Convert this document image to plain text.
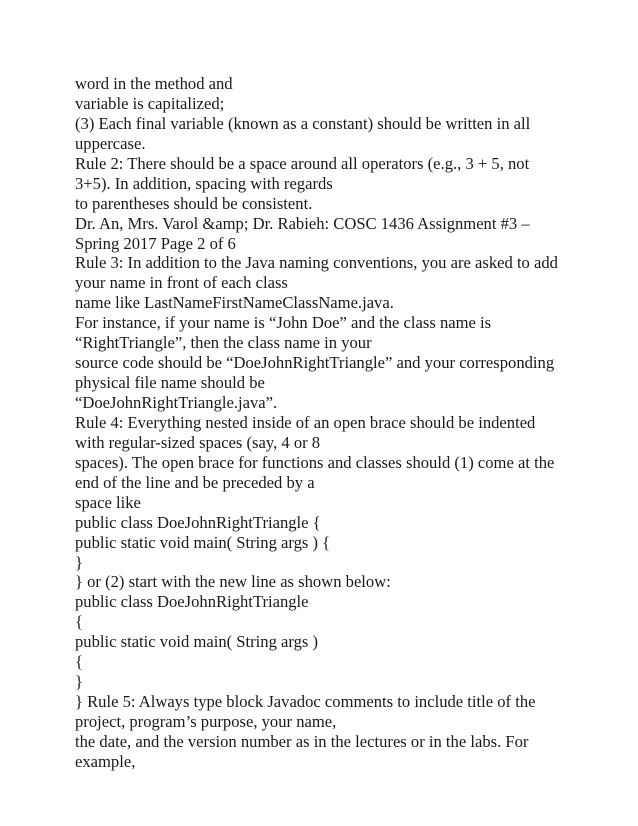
word in the method and
variable is capitalized;
(3) Each final variable (known as a constant) should be written in all
uppercase.
Rule 2: There should be a space around all operators (e.g., 3 + 5, not
3+5). In addition, spacing with regards
to parentheses should be consistent.
Dr. An, Mrs. Varol &amp; Dr. Rabieh: COSC 1436 Assignment #3 –
Spring 2017 Page 2 of 6
Rule 3: In addition to the Java naming conventions, you are asked to add
your name in front of each class
name like LastNameFirstNameClassName.java.
For instance, if your name is “John Doe” and the class name is
“RightTriangle”, then the class name in your
source code should be “DoeJohnRightTriangle” and your corresponding
physical file name should be
“DoeJohnRightTriangle.java”.
Rule 4: Everything nested inside of an open brace should be indented
with regular-sized spaces (say, 4 or 8
spaces). The open brace for functions and classes should (1) come at the
end of the line and be preceded by a
space like
public class DoeJohnRightTriangle {
public static void main( String args ) {
}
} or (2) start with the new line as shown below:
public class DoeJohnRightTriangle
{
public static void main( String args )
{
}
} Rule 5: Always type block Javadoc comments to include title of the
project, program’s purpose, your name,
the date, and the version number as in the lectures or in the labs. For
example,
